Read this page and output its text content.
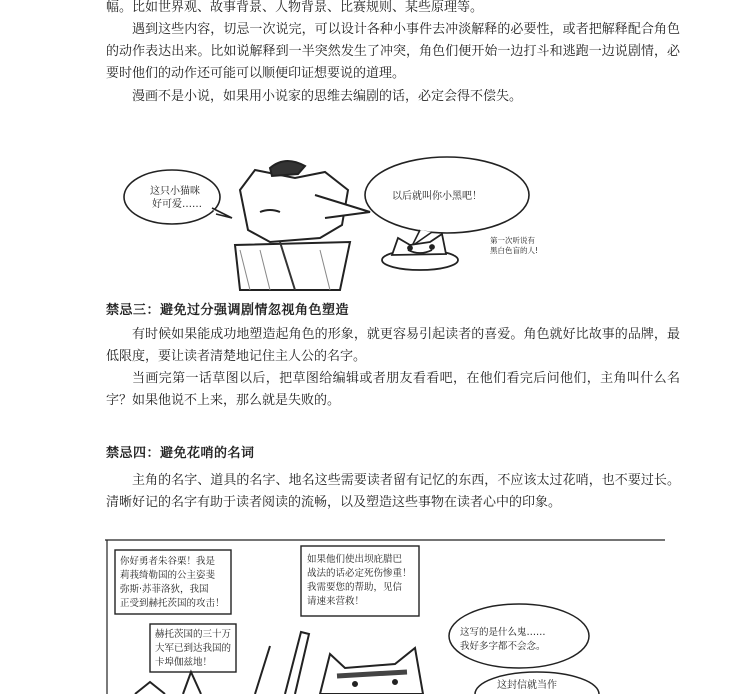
幅。比如世界观、故事背景、人物背景、比赛规则、某些原理等。

遇到这些内容，切忌一次说完，可以设计各种小事件去冲淡解释的必要性，或者把解释配合角色的动作表达出来。比如说解释到一半突然发生了冲突，角色们便开始一边打斗和逃跑一边说剧情，必要时他们的动作还可能可以顺便印证想要说的道理。

漫画不是小说，如果用小说家的思维去编剧的话，必定会得不偿失。

这只小猫咪
好可爱……
以后就叫你小黑吧！
第一次听说有
黑白色盲的人!

禁忌三：避免过分强调剧情忽视角色塑造

有时候如果能成功地塑造起角色的形象，就更容易引起读者的喜爱。角色就好比故事的品牌，最低限度，要让读者清楚地记住主人公的名字。

当画完第一话草图以后，把草图给编辑或者朋友看看吧，在他们看完后问他们，主角叫什么名字？如果他说不上来，那么就是失败的。

禁忌四：避免花哨的名词

主角的名字、道具的名字、地名这些需要读者留有记忆的东西，不应该太过花哨，也不要过长。清晰好记的名字有助于读者阅读的流畅，以及塑造这些事物在读者心中的印象。

你好勇者朱谷栗！我是
莉莪绮勒国的公主姿斐
弥斯·苏菲洛狄，我国
正受到赫托茨国的攻击！
赫托茨国的三十万
大军已到达我国的
卡埠伽兹地！
如果他们使出坝庇腊巴
战法的话必定死伤惨重！
我需要您的帮助，见信
请速来营救！
这写的是什么鬼……
我好多字都不会念。
这封信就当作
